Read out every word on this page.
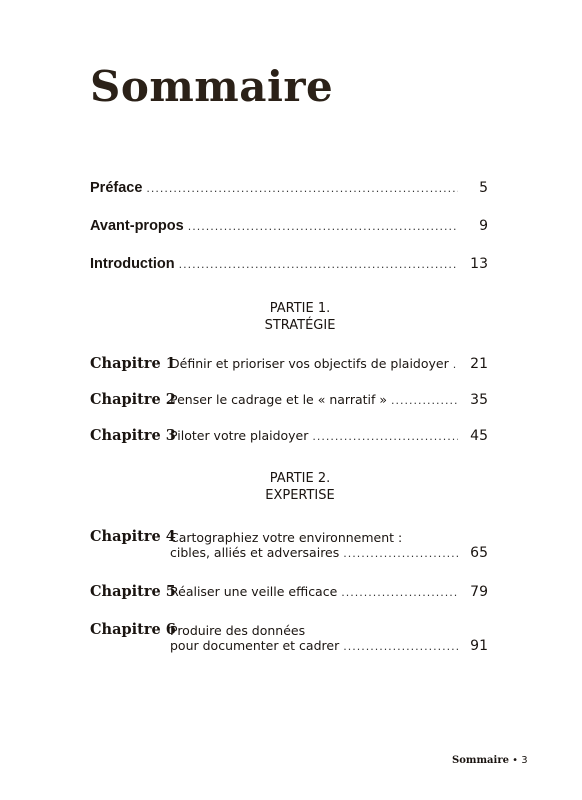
Sommaire
Préface .....	5
Avant-propos .....	9
Introduction .....	13
PARTIE 1.
STRATÉGIE
Chapitre 1
Définir et prioriser vos objectifs de plaidoyer .....	21
Chapitre 2
Penser le cadrage et le « narratif » .....	35
Chapitre 3
Piloter votre plaidoyer .....	45
PARTIE 2.
EXPERTISE
Chapitre 4
Cartographiez votre environnement :
cibles, alliés et adversaires .....	65
Chapitre 5
Réaliser une veille efficace .....	79
Chapitre 6
Produire des données
pour documenter et cadrer .....	91
Sommaire • 3
